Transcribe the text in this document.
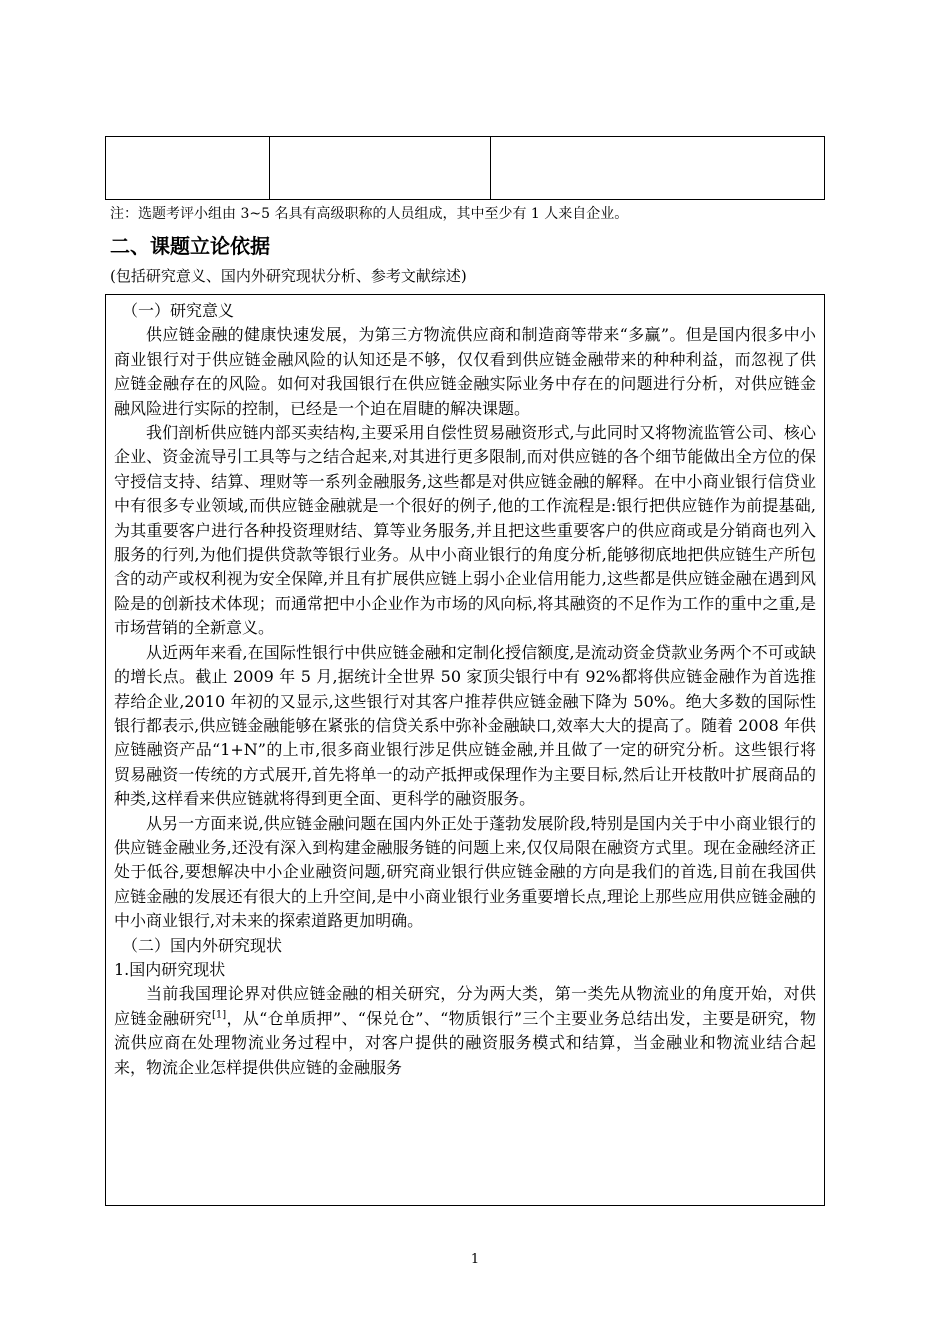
注：选题考评小组由 3~5 名具有高级职称的人员组成，其中至少有 1 人来自企业。
二、课题立论依据
(包括研究意义、国内外研究现状分析、参考文献综述)

（一）研究意义

供应链金融的健康快速发展，为第三方物流供应商和制造商等带来“多赢”。但是国内很多中小商业银行对于供应链金融风险的认知还是不够，仅仅看到供应链金融带来的种种利益，而忽视了供应链金融存在的风险。如何对我国银行在供应链金融实际业务中存在的问题进行分析，对供应链金融风险进行实际的控制，已经是一个迫在眉睫的解决课题。

我们剖析供应链内部买卖结构,主要采用自偿性贸易融资形式,与此同时又将物流监管公司、核心企业、资金流导引工具等与之结合起来,对其进行更多限制,而对供应链的各个细节能做出全方位的保守授信支持、结算、理财等一系列金融服务,这些都是对供应链金融的解释。在中小商业银行信贷业中有很多专业领域,而供应链金融就是一个很好的例子,他的工作流程是:银行把供应链作为前提基础,为其重要客户进行各种投资理财结、算等业务服务,并且把这些重要客户的供应商或是分销商也列入服务的行列,为他们提供贷款等银行业务。从中小商业银行的角度分析,能够彻底地把供应链生产所包含的动产或权利视为安全保障,并且有扩展供应链上弱小企业信用能力,这些都是供应链金融在遇到风险是的创新技术体现；而通常把中小企业作为市场的风向标,将其融资的不足作为工作的重中之重,是市场营销的全新意义。

从近两年来看,在国际性银行中供应链金融和定制化授信额度,是流动资金贷款业务两个不可或缺的增长点。截止 2009 年 5 月,据统计全世界 50 家顶尖银行中有 92%都将供应链金融作为首选推荐给企业,2010 年初的又显示,这些银行对其客户推荐供应链金融下降为 50%。绝大多数的国际性银行都表示,供应链金融能够在紧张的信贷关系中弥补金融缺口,效率大大的提高了。随着 2008 年供应链融资产品“1+N”的上市,很多商业银行涉足供应链金融,并且做了一定的研究分析。这些银行将贸易融资一传统的方式展开,首先将单一的动产抵押或保理作为主要目标,然后让开枝散叶扩展商品的种类,这样看来供应链就将得到更全面、更科学的融资服务。

从另一方面来说,供应链金融问题在国内外正处于蓬勃发展阶段,特别是国内关于中小商业银行的供应链金融业务,还没有深入到构建金融服务链的问题上来,仅仅局限在融资方式里。现在金融经济正处于低谷,要想解决中小企业融资问题,研究商业银行供应链金融的方向是我们的首选,目前在我国供应链金融的发展还有很大的上升空间,是中小商业银行业务重要增长点,理论上那些应用供应链金融的中小商业银行,对未来的探索道路更加明确。

（二）国内外研究现状

1.国内研究现状

当前我国理论界对供应链金融的相关研究，分为两大类，第一类先从物流业的角度开始，对供应链金融研究[1]，从“仓单质押”、“保兑仓”、“物质银行”三个主要业务总结出发，主要是研究，物流供应商在处理物流业务过程中，对客户提供的融资服务模式和结算，当金融业和物流业结合起来，物流企业怎样提供供应链的金融服务

1
